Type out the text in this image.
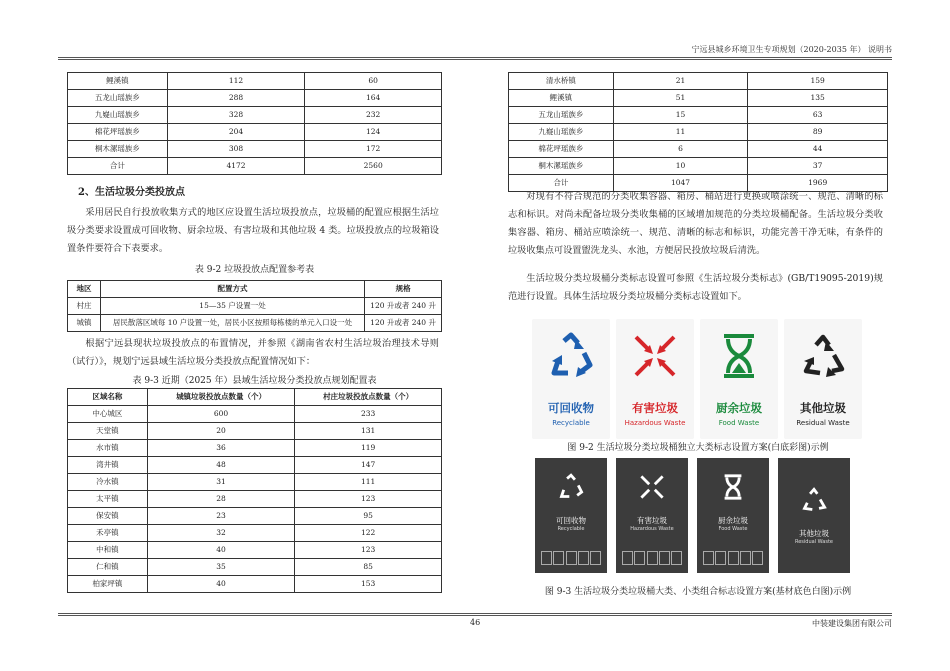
宁远县城乡环境卫生专项规划（2020-2035 年） 说明书
46	中装建设集团有限公司
鲤溪镇	112	60
五龙山瑶族乡	288	164
九嶷山瑶族乡	328	232
棉花坪瑶族乡	204	124
桐木漯瑶族乡	308	172
合计	4172	2560
2、生活垃圾分类投放点
采用居民自行投放收集方式的地区应设置生活垃圾投放点，垃圾桶的配置应根据生活垃圾分类要求设置成可回收物、厨余垃圾、有害垃圾和其他垃圾 4 类。垃圾投放点的垃圾箱设置条件要符合下表要求。
表 9-2 垃圾投放点配置参考表
地区	配置方式	规格
村庄	15—35 户设置一处	120 升或者 240 升
城镇	居民散落区域每 10 户设置一处，居民小区按照每栋楼的单元入口设一处	120 升或者 240 升
根据宁远县现状垃圾投放点的布置情况，并参照《湖南省农村生活垃圾治理技术导则（试行）》，规划宁远县域生活垃圾分类投放点配置情况如下：
表 9-3 近期（2025 年）县域生活垃圾分类投放点规划配置表
区域名称	城镇垃圾投放点数量（个）	村庄垃圾投放点数量（个）
中心城区	600	233
天堂镇	20	131
水市镇	36	119
湾井镇	48	147
冷水镇	31	111
太平镇	28	123
保安镇	23	95
禾亭镇	32	122
中和镇	40	123
仁和镇	35	85
柏家坪镇	40	153
清水桥镇	21	159
鲤溪镇	51	135
五龙山瑶族乡	15	63
九嶷山瑶族乡	11	89
棉花坪瑶族乡	6	44
桐木漯瑶族乡	10	37
合计	1047	1969
对现有不符合规范的分类收集容器、箱房、桶站进行更换或喷涂统一、规范、清晰的标志和标识。对尚未配备垃圾分类收集桶的区域增加规范的分类垃圾桶配备。生活垃圾分类收集容器、箱房、桶站应喷涂统一、规范、清晰的标志和标识，功能完善干净无味，有条件的垃圾收集点可设置盥洗龙头、水池，方便居民投放垃圾后清洗。
生活垃圾分类垃圾桶分类标志设置可参照《生活垃圾分类标志》(GB/T19095-2019)规范进行设置。具体生活垃圾分类垃圾桶分类标志设置如下。
可回收物
Recyclable
有害垃圾
Hazardous Waste
厨余垃圾
Food Waste
其他垃圾
Residual Waste
图 9-2 生活垃圾分类垃圾桶独立大类标志设置方案(白底彩图)示例
可回收物
Recyclable
有害垃圾
Hazardous Waste
厨余垃圾
Food Waste	其他垃圾
Residual Waste
图 9-3 生活垃圾分类垃圾桶大类、小类组合标志设置方案(基材底色白图)示例
